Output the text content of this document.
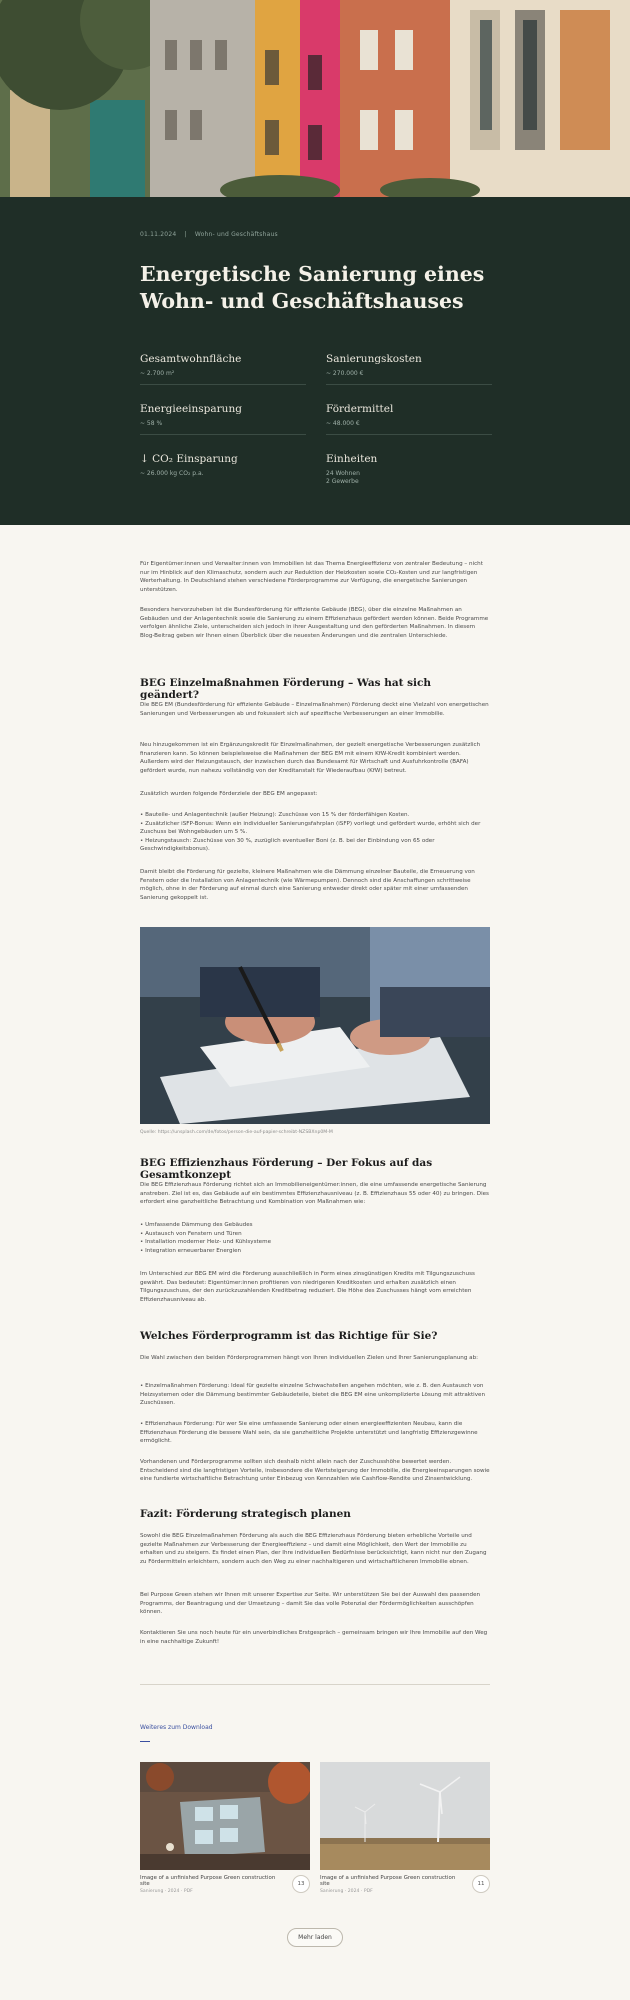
01.11.2024 | Wohn- und Geschäftshaus
Energetische Sanierung eines Wohn- und Geschäftshauses
Gesamtwohnfläche
~ 2.700 m²
Sanierungskosten
~ 270.000 €
Energieeinsparung
~ 58 %
Fördermittel
~ 48.000 €
↓ CO₂ Einsparung
~ 26.000 kg CO₂ p.a.
Einheiten
24 Wohnen
2 Gewerbe

Für Eigentümer:innen und Verwalter:innen von Immobilien ist das Thema Energieeffizienz von zentraler Bedeutung – nicht nur im Hinblick auf den Klimaschutz, sondern auch zur Reduktion der Heizkosten sowie CO₂-Kosten und zur langfristigen Werterhaltung. In Deutschland stehen verschiedene Förderprogramme zur Verfügung, die energetische Sanierungen unterstützen.

Besonders hervorzuheben ist die Bundesförderung für effiziente Gebäude (BEG), über die einzelne Maßnahmen an Gebäuden und der Anlagentechnik sowie die Sanierung zu einem Effizienzhaus gefördert werden können. Beide Programme verfolgen ähnliche Ziele, unterscheiden sich jedoch in ihrer Ausgestaltung und den geförderten Maßnahmen. In diesem Blog-Beitrag geben wir Ihnen einen Überblick über die neuesten Änderungen und die zentralen Unterschiede.

BEG Einzelmaßnahmen Förderung – Was hat sich geändert?

Die BEG EM (Bundesförderung für effiziente Gebäude – Einzelmaßnahmen) Förderung deckt eine Vielzahl von energetischen Sanierungen und Verbesserungen ab und fokussiert sich auf spezifische Verbesserungen an einer Immobilie.

Neu hinzugekommen ist ein Ergänzungskredit für Einzelmaßnahmen, der gezielt energetische Verbesserungen zusätzlich finanzieren kann. So können beispielsweise die Maßnahmen der BEG EM mit einem KfW-Kredit kombiniert werden. Außerdem wird der Heizungstausch, der inzwischen durch das Bundesamt für Wirtschaft und Ausfuhrkontrolle (BAFA) gefördert wurde, nun nahezu vollständig von der Kreditanstalt für Wiederaufbau (KfW) betreut.

Zusätzlich wurden folgende Förderziele der BEG EM angepasst:

• Bauteile- und Anlagentechnik (außer Heizung): Zuschüsse von 15 % der förderfähigen Kosten.
• Zusätzlicher iSFP-Bonus: Wenn ein individueller Sanierungsfahrplan (iSFP) vorliegt und gefördert wurde, erhöht sich der Zuschuss bei Wohngebäuden um 5 %.
• Heizungstausch: Zuschüsse von 30 %, zuzüglich eventueller Boni (z. B. bei der Einbindung von 65 oder Geschwindigkeitsbonus).

Damit bleibt die Förderung für gezielte, kleinere Maßnahmen wie die Dämmung einzelner Bauteile, die Erneuerung von Fenstern oder die Installation von Anlagentechnik (wie Wärmepumpen). Dennoch sind die Anschaffungen schrittweise möglich, ohne in der Förderung auf einmal durch eine Sanierung entweder direkt oder später mit einer umfassenden Sanierung gekoppelt ist.

Quelle: https://unsplash.com/de/fotos/person-die-auf-papier-schreibt-NZSBXnp0M-M

BEG Effizienzhaus Förderung – Der Fokus auf das Gesamtkonzept

Die BEG Effizienzhaus Förderung richtet sich an Immobilieneigentümer:innen, die eine umfassende energetische Sanierung anstreben. Ziel ist es, das Gebäude auf ein bestimmtes Effizienzhausniveau (z. B. Effizienzhaus 55 oder 40) zu bringen. Dies erfordert eine ganzheitliche Betrachtung und Kombination von Maßnahmen wie:

• Umfassende Dämmung des Gebäudes
• Austausch von Fenstern und Türen
• Installation moderner Heiz- und Kühlsysteme
• Integration erneuerbarer Energien

Im Unterschied zur BEG EM wird die Förderung ausschließlich in Form eines zinsgünstigen Kredits mit Tilgungszuschuss gewährt. Das bedeutet: Eigentümer:innen profitieren von niedrigeren Kreditkosten und erhalten zusätzlich einen Tilgungszuschuss, der den zurückzuzahlenden Kreditbetrag reduziert. Die Höhe des Zuschusses hängt vom erreichten Effizienzhausniveau ab.

Welches Förderprogramm ist das Richtige für Sie?

Die Wahl zwischen den beiden Förderprogrammen hängt von Ihren individuellen Zielen und Ihrer Sanierungsplanung ab:

• Einzelmaßnahmen Förderung: Ideal für gezielte einzelne Schwachstellen angehen möchten, wie z. B. den Austausch von Heizsystemen oder die Dämmung bestimmter Gebäudeteile, bietet die BEG EM eine unkomplizierte Lösung mit attraktiven Zuschüssen.

• Effizienzhaus Förderung: Für wer Sie eine umfassende Sanierung oder einen energieeffizienten Neubau, kann die Effizienzhaus Förderung die bessere Wahl sein, da sie ganzheitliche Projekte unterstützt und langfristig Effizienzgewinne ermöglicht.

Vorhandenen und Förderprogramme sollten sich deshalb nicht allein nach der Zuschusshöhe bewertet werden. Entscheidend sind die langfristigen Vorteile, insbesondere die Wertsteigerung der Immobilie, die Energieeinsparungen sowie eine fundierte wirtschaftliche Betrachtung unter Einbezug von Kennzahlen wie Cashflow-Rendite und Zinsentwicklung.

Fazit: Förderung strategisch planen

Sowohl die BEG Einzelmaßnahmen Förderung als auch die BEG Effizienzhaus Förderung bieten erhebliche Vorteile und gezielte Maßnahmen zur Verbesserung der Energieeffizienz – und damit eine Möglichkeit, den Wert der Immobilie zu erhalten und zu steigern. Es findet einen Plan, der Ihre individuellen Bedürfnisse berücksichtigt, kann nicht nur den Zugang zu Fördermitteln erleichtern, sondern auch den Weg zu einer nachhaltigeren und wirtschaftlicheren Immobilie ebnen.

Bei Purpose Green stehen wir Ihnen mit unserer Expertise zur Seite. Wir unterstützen Sie bei der Auswahl des passenden Programms, der Beantragung und der Umsetzung – damit Sie das volle Potenzial der Fördermöglichkeiten ausschöpfen können.

Kontaktieren Sie uns noch heute für ein unverbindliches Erstgespräch – gemeinsam bringen wir Ihre Immobilie auf den Weg in eine nachhaltige Zukunft!

Weiteres zum Download
Image of a unfinished Purpose Green construction site
Sanierung · 2024 · PDF
13
Image of a unfinished Purpose Green construction site
Sanierung · 2024 · PDF
11
Mehr laden
